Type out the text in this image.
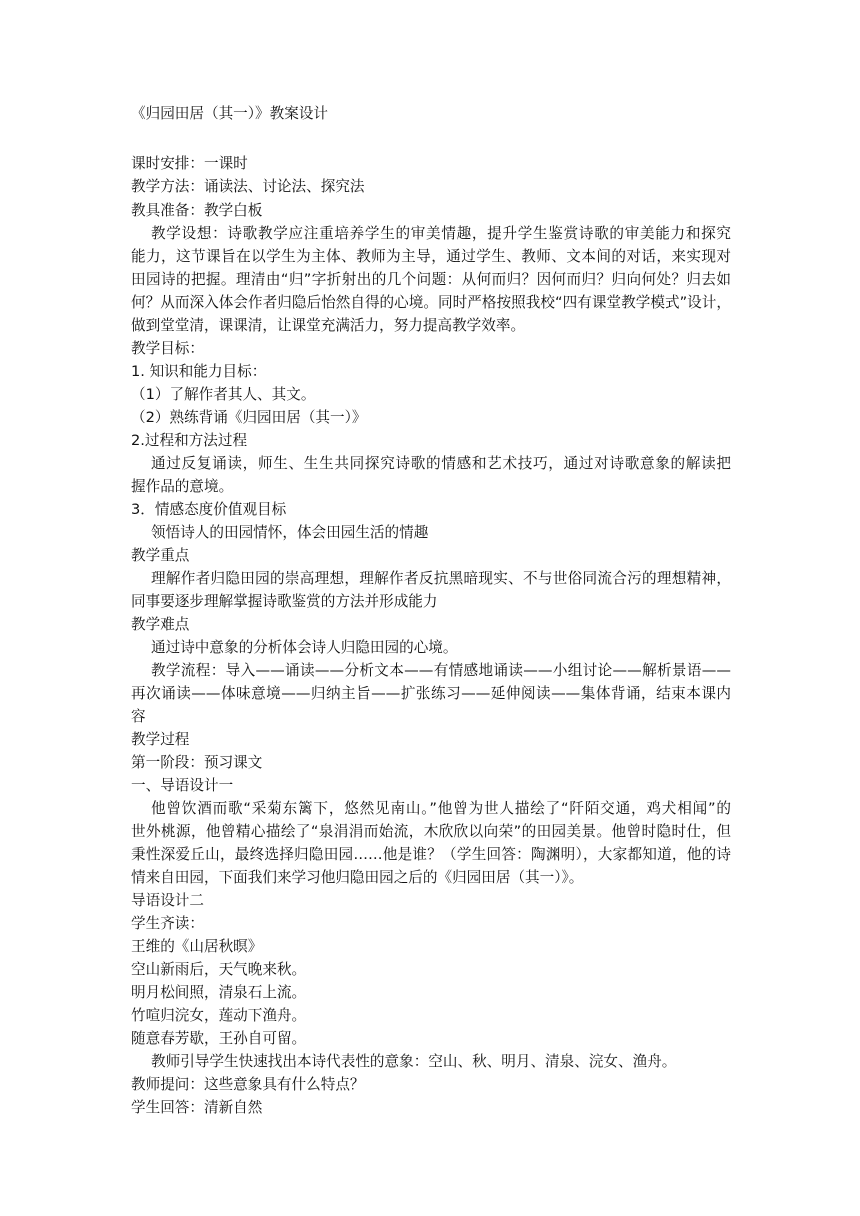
《归园田居（其一）》教案设计
课时安排：一课时
教学方法：诵读法、讨论法、探究法
教具准备：教学白板
教学设想：诗歌教学应注重培养学生的审美情趣，提升学生鉴赏诗歌的审美能力和探究
能力，这节课旨在以学生为主体、教师为主导，通过学生、教师、文本间的对话，来实现对
田园诗的把握。理清由“归”字折射出的几个问题：从何而归？因何而归？归向何处？归去如
何？从而深入体会作者归隐后怡然自得的心境。同时严格按照我校“四有课堂教学模式”设计，
做到堂堂清，课课清，让课堂充满活力，努力提高教学效率。
教学目标：
1. 知识和能力目标：
（1）了解作者其人、其文。
（2）熟练背诵《归园田居（其一）》
2.过程和方法过程
通过反复诵读，师生、生生共同探究诗歌的情感和艺术技巧，通过对诗歌意象的解读把
握作品的意境。
3．情感态度价值观目标
领悟诗人的田园情怀，体会田园生活的情趣
教学重点
理解作者归隐田园的崇高理想，理解作者反抗黑暗现实、不与世俗同流合污的理想精神，
同事要逐步理解掌握诗歌鉴赏的方法并形成能力
教学难点
通过诗中意象的分析体会诗人归隐田园的心境。
教学流程：导入——诵读——分析文本——有情感地诵读——小组讨论——解析景语——
再次诵读——体味意境——归纳主旨——扩张练习——延伸阅读——集体背诵，结束本课内
容
教学过程
第一阶段：预习课文
一、导语设计一
他曾饮酒而歌“采菊东篱下，悠然见南山。”他曾为世人描绘了“阡陌交通，鸡犬相闻”的
世外桃源，他曾精心描绘了“泉涓涓而始流，木欣欣以向荣”的田园美景。他曾时隐时仕，但
秉性深爱丘山，最终选择归隐田园……他是谁？（学生回答：陶渊明），大家都知道，他的诗
情来自田园，下面我们来学习他归隐田园之后的《归园田居（其一）》。
导语设计二
学生齐读：
王维的《山居秋暝》
空山新雨后，天气晚来秋。
明月松间照，清泉石上流。
竹喧归浣女，莲动下渔舟。
随意春芳歇，王孙自可留。
教师引导学生快速找出本诗代表性的意象：空山、秋、明月、清泉、浣女、渔舟。
教师提问：这些意象具有什么特点？
学生回答：清新自然
